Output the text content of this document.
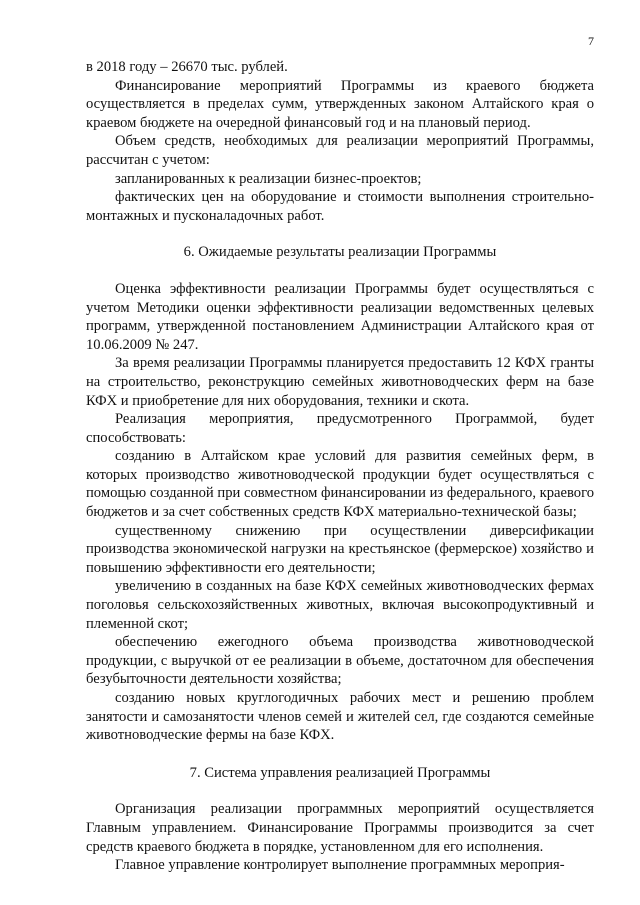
7

в 2018 году – 26670 тыс. рублей.

Финансирование мероприятий Программы из краевого бюджета осуществляется в пределах сумм, утвержденных законом Алтайского края о краевом бюджете на очередной финансовый год и на плановый период.

Объем средств, необходимых для реализации мероприятий Программы, рассчитан с учетом:

запланированных к реализации бизнес-проектов;

фактических цен на оборудование и стоимости выполнения строительно-монтажных и пусконаладочных работ.

6. Ожидаемые результаты реализации Программы

Оценка эффективности реализации Программы будет осуществляться с учетом Методики оценки эффективности реализации ведомственных целевых программ, утвержденной постановлением Администрации Алтайского края от 10.06.2009 № 247.

За время реализации Программы планируется предоставить 12 КФХ гранты на строительство, реконструкцию семейных животноводческих ферм на базе КФХ и приобретение для них оборудования, техники и скота.

Реализация мероприятия, предусмотренного Программой, будет способствовать:

созданию в Алтайском крае условий для развития семейных ферм, в которых производство животноводческой продукции будет осуществляться с помощью созданной при совместном финансировании из федерального, краевого бюджетов и за счет собственных средств КФХ материально-технической базы;

существенному снижению при осуществлении диверсификации производства экономической нагрузки на крестьянское (фермерское) хозяйство и повышению эффективности его деятельности;

увеличению в созданных на базе КФХ семейных животноводческих фермах поголовья сельскохозяйственных животных, включая высокопродуктивный и племенной скот;

обеспечению ежегодного объема производства животноводческой продукции, с выручкой от ее реализации в объеме, достаточном для обеспечения безубыточности деятельности хозяйства;

созданию новых круглогодичных рабочих мест и решению проблем занятости и самозанятости членов семей и жителей сел, где создаются семейные животноводческие фермы на базе КФХ.

7. Система управления реализацией Программы

Организация реализации программных мероприятий осуществляется Главным управлением. Финансирование Программы производится за счет средств краевого бюджета в порядке, установленном для его исполнения.

Главное управление контролирует выполнение программных мероприя-
